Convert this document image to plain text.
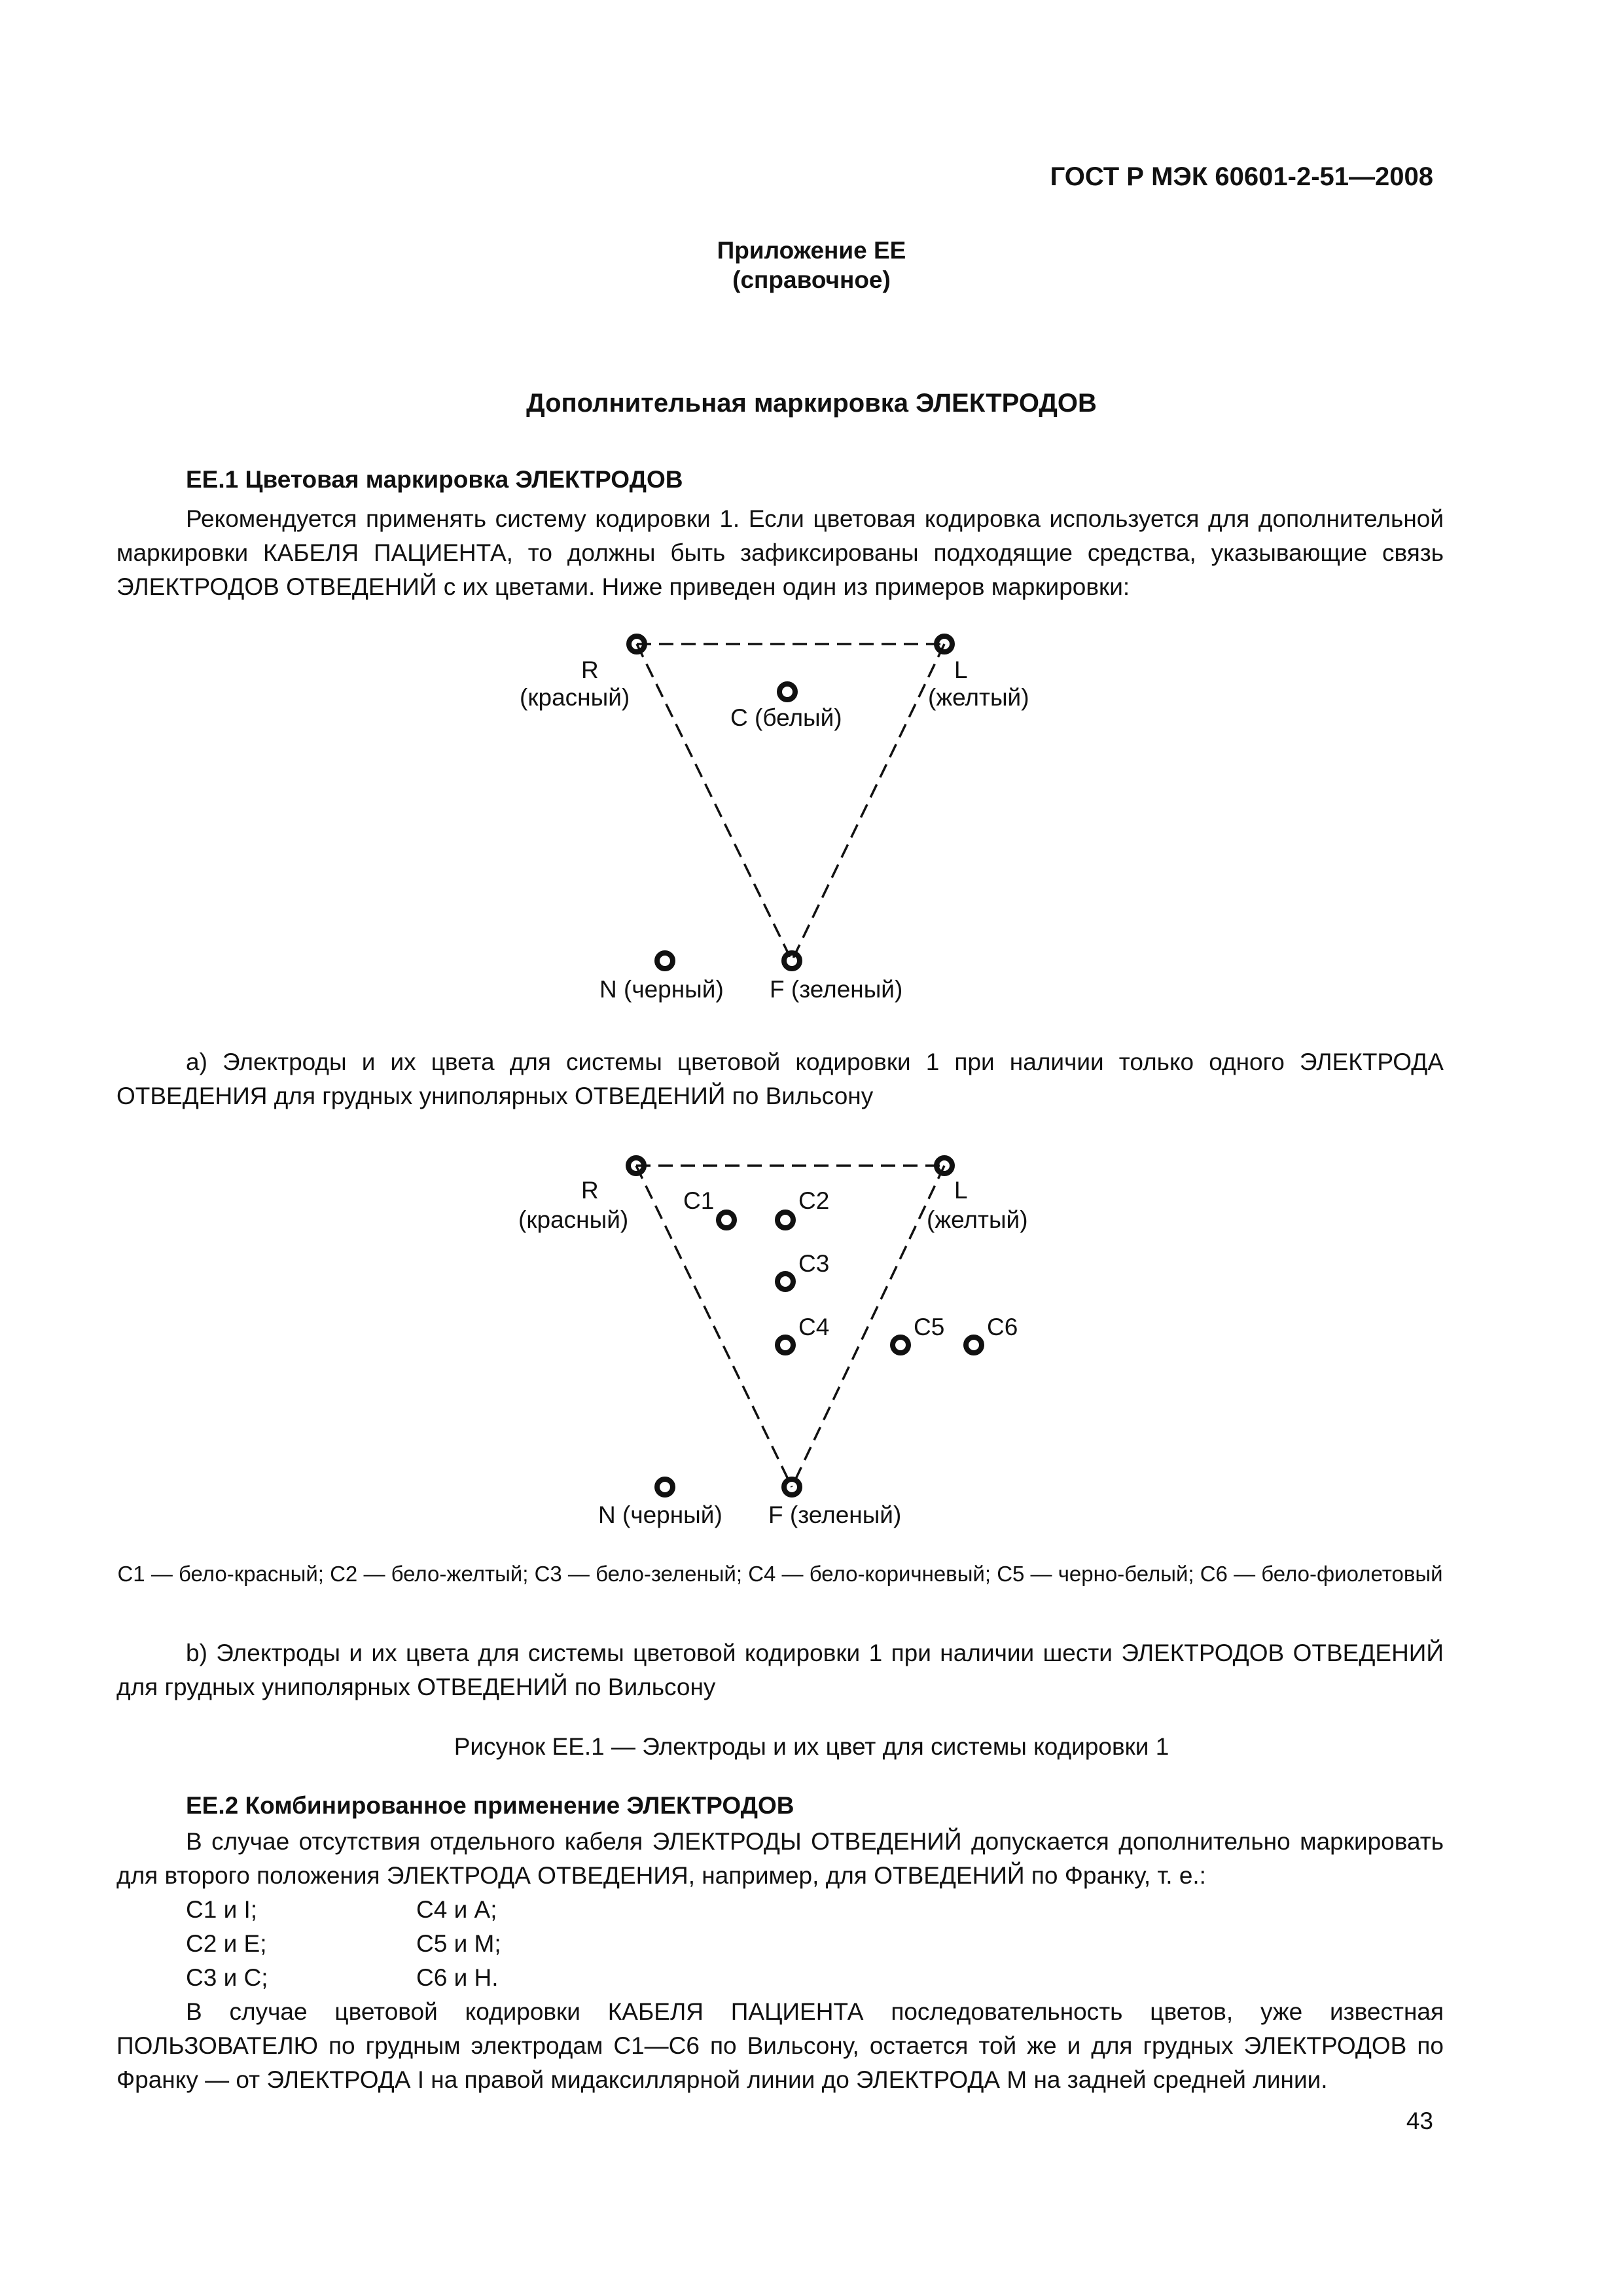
ГОСТ Р МЭК 60601-2-51—2008
Приложение ЕЕ
(справочное)
Дополнительная маркировка ЭЛЕКТРОДОВ
ЕЕ.1 Цветовая маркировка ЭЛЕКТРОДОВ
Рекомендуется применять систему кодировки 1. Если цветовая кодировка используется для дополнительной маркировки КАБЕЛЯ ПАЦИЕНТА, то должны быть зафиксированы подходящие средства, указывающие связь ЭЛЕКТРОДОВ ОТВЕДЕНИЙ с их цветами. Ниже приведен один из примеров маркировки:
R
(красный)
L
(желтый)
С (белый)
N (черный) F (зеленый)
а) Электроды и их цвета для системы цветовой кодировки 1 при наличии только одного ЭЛЕКТРОДА ОТВЕДЕНИЯ для грудных униполярных ОТВЕДЕНИЙ по Вильсону
R
(красный)
L
(желтый)
C1	C2
C3
C4	C5 C6
N (черный) F (зеленый)
С1 — бело-красный; С2 — бело-желтый; С3 — бело-зеленый; С4 — бело-коричневый; С5 — черно-белый; С6 — бело-фиолетовый
b) Электроды и их цвета для системы цветовой кодировки 1 при наличии шести ЭЛЕКТРОДОВ ОТВЕДЕНИЙ для грудных униполярных ОТВЕДЕНИЙ по Вильсону
Рисунок ЕЕ.1 — Электроды и их цвет для системы кодировки 1
ЕЕ.2 Комбинированное применение ЭЛЕКТРОДОВ
В случае отсутствия отдельного кабеля ЭЛЕКТРОДЫ ОТВЕДЕНИЙ допускается дополнительно маркировать для второго положения ЭЛЕКТРОДА ОТВЕДЕНИЯ, например, для ОТВЕДЕНИЙ по Франку, т. е.:
С1 и I;	С4 и А;
С2 и Е;	С5 и М;
С3 и С;	С6 и Н.
В случае цветовой кодировки КАБЕЛЯ ПАЦИЕНТА последовательность цветов, уже известная ПОЛЬЗОВАТЕЛЮ по грудным электродам С1—С6 по Вильсону, остается той же и для грудных ЭЛЕКТРОДОВ по Франку — от ЭЛЕКТРОДА I на правой мидаксиллярной линии до ЭЛЕКТРОДА М на задней средней линии.
43
